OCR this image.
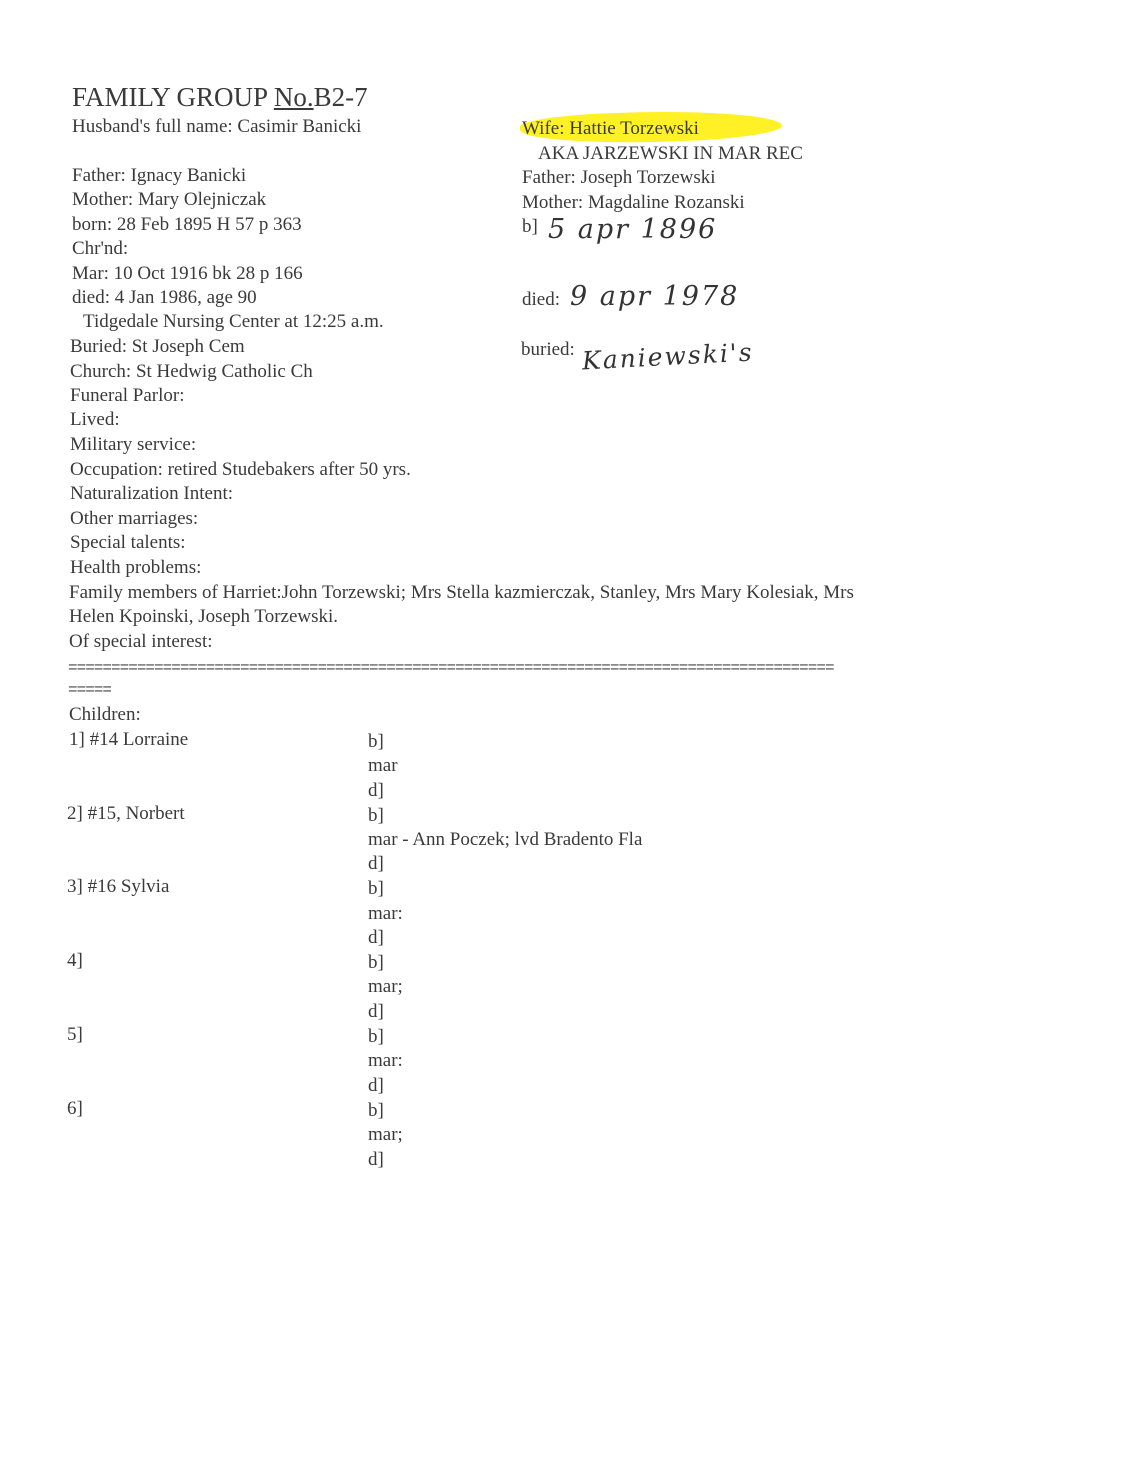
FAMILY GROUP No.B2-7
Husband's full name: Casimir Banicki
Father: Ignacy Banicki
Mother: Mary Olejniczak
born: 28 Feb 1895 H 57 p 363
Chr'nd:
Mar: 10 Oct 1916 bk 28 p 166
died: 4 Jan 1986, age 90
Tidgedale Nursing Center at 12:25 a.m.
Buried: St Joseph Cem
Church: St Hedwig Catholic Ch
Funeral Parlor:
Lived:
Military service:
Occupation: retired Studebakers after 50 yrs.
Naturalization Intent:
Other marriages:
Special talents:
Health problems:
Family members of Harriet:John Torzewski; Mrs Stella kazmierczak, Stanley, Mrs Mary Kolesiak, Mrs
Helen Kpoinski, Joseph Torzewski.
Of special interest:
Wife: Hattie Torzewski
AKA JARZEWSKI IN MAR REC
Father: Joseph Torzewski
Mother: Magdaline Rozanski
b] 5 apr 1896
died: 9 apr 1978
buried: Kaniewski's
=========================================================================================
=====
Children:
1] #14 Lorraine	b]
mar
d]
2] #15, Norbert	b]
mar - Ann Poczek; lvd Bradento Fla
d]
3] #16 Sylvia	b]
mar:
d]
4]	b]
mar;
d]
5]	b]
mar:
d]
6]	b]
mar;
d]
